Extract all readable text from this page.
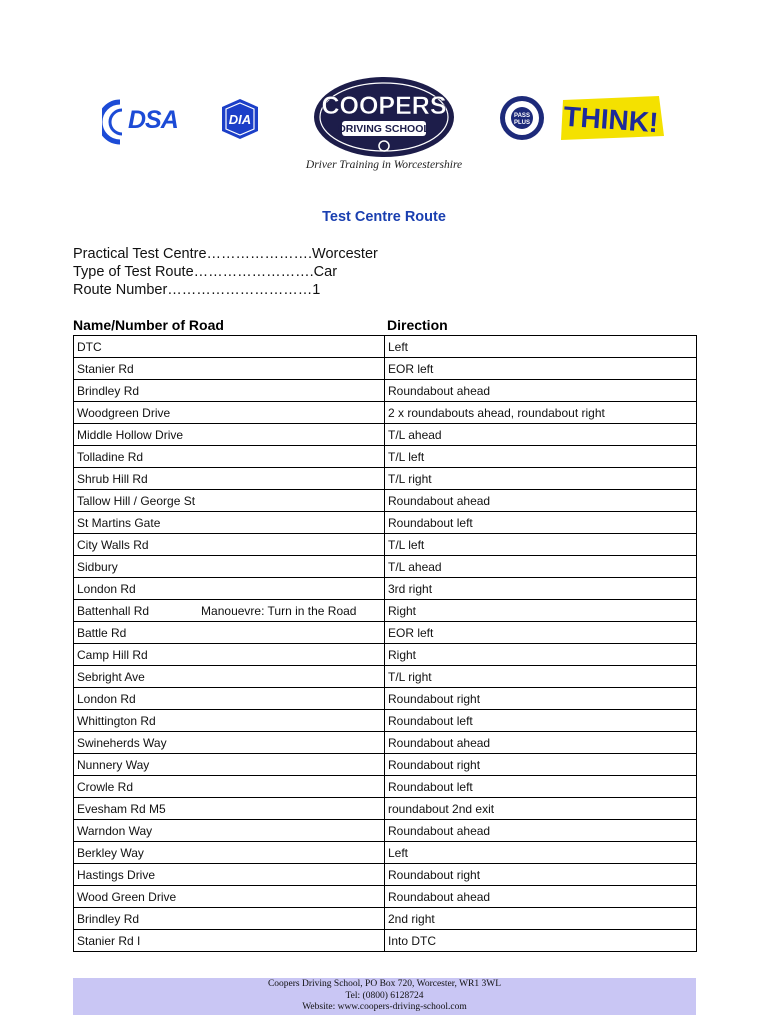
DSA	DIA	COOPERS
DRIVING SCHOOL
Driver Training in Worcestershire
PASS
PLUS THINK!
Test Centre Route
Practical Test Centre………………….Worcester
Type of Test Route…………………….Car
Route Number…………………………1
Name/Number of Road	Direction
DTC	Left
Stanier Rd	EOR left
Brindley Rd	Roundabout ahead
Woodgreen Drive	2 x roundabouts ahead, roundabout right
Middle Hollow Drive	T/L ahead
Tolladine Rd	T/L left
Shrub Hill Rd	T/L right
Tallow Hill / George St	Roundabout ahead
St Martins Gate	Roundabout left
City Walls Rd	T/L left
Sidbury	T/L ahead
London Rd	3rd right
Battenhall Rd Manouevre: Turn in the Road	Right
Battle Rd	EOR left
Camp Hill Rd	Right
Sebright Ave	T/L right
London Rd	Roundabout right
Whittington Rd	Roundabout left
Swineherds Way	Roundabout ahead
Nunnery Way	Roundabout right
Crowle Rd	Roundabout left
Evesham Rd M5	roundabout 2nd exit
Warndon Way	Roundabout ahead
Berkley Way	Left
Hastings Drive	Roundabout right
Wood Green Drive	Roundabout ahead
Brindley Rd	2nd right
Stanier Rd I	Into DTC
Coopers Driving School, PO Box 720, Worcester, WR1 3WL
Tel: (0800) 6128724
Website: www.coopers-driving-school.com
